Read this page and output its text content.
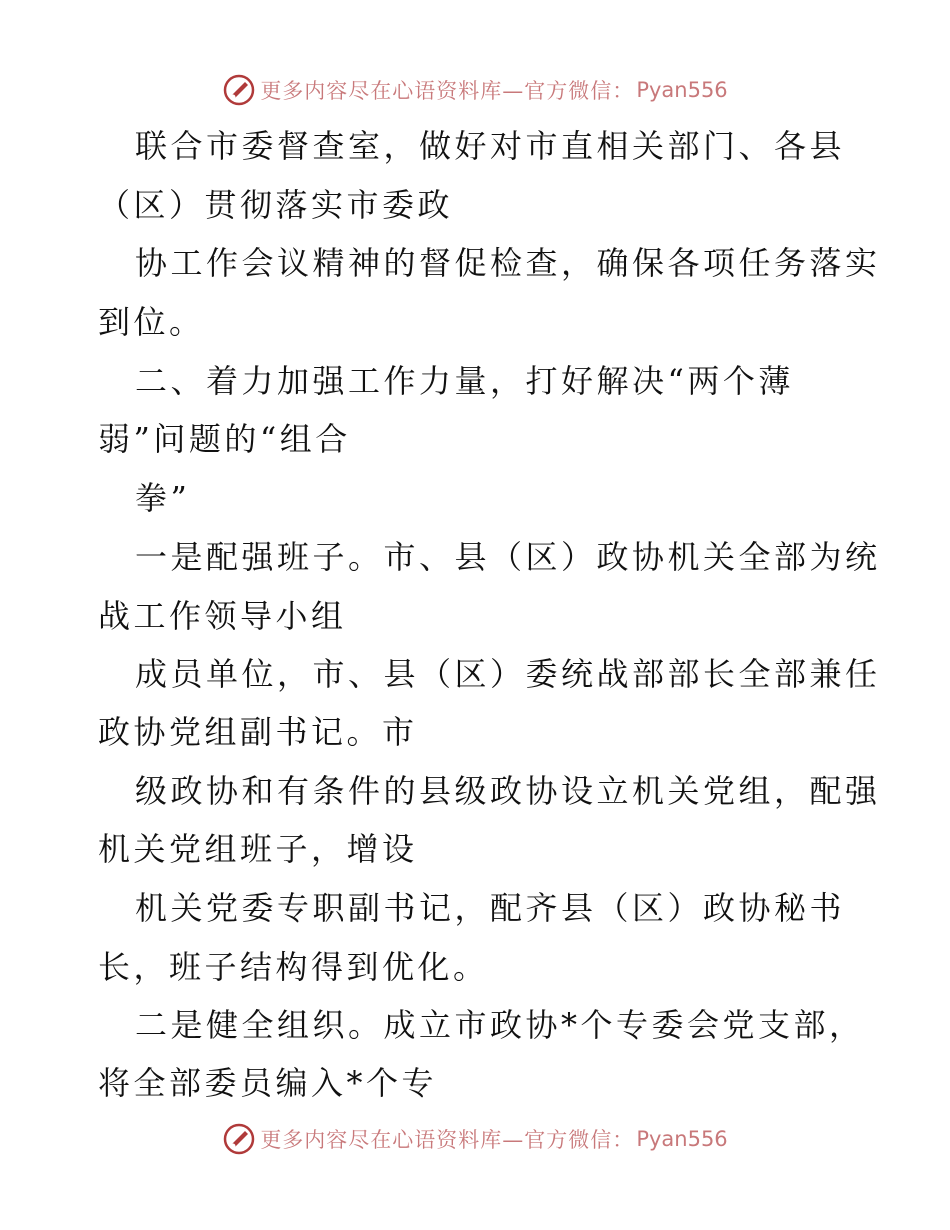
更多内容尽在心语资料库—官方微信： Pyan556
联合市委督查室，做好对市直相关部门、各县
（区）贯彻落实市委政
协工作会议精神的督促检查，确保各项任务落实
到位。
二、着力加强工作力量，打好解决“两个薄
弱”问题的“组合
拳”
一是配强班子。市、县（区）政协机关全部为统
战工作领导小组
成员单位，市、县（区）委统战部部长全部兼任
政协党组副书记。市
级政协和有条件的县级政协设立机关党组，配强
机关党组班子，增设
机关党委专职副书记，配齐县（区）政协秘书
长，班子结构得到优化。
二是健全组织。成立市政协*个专委会党支部，
将全部委员编入*个专
更多内容尽在心语资料库—官方微信： Pyan556
